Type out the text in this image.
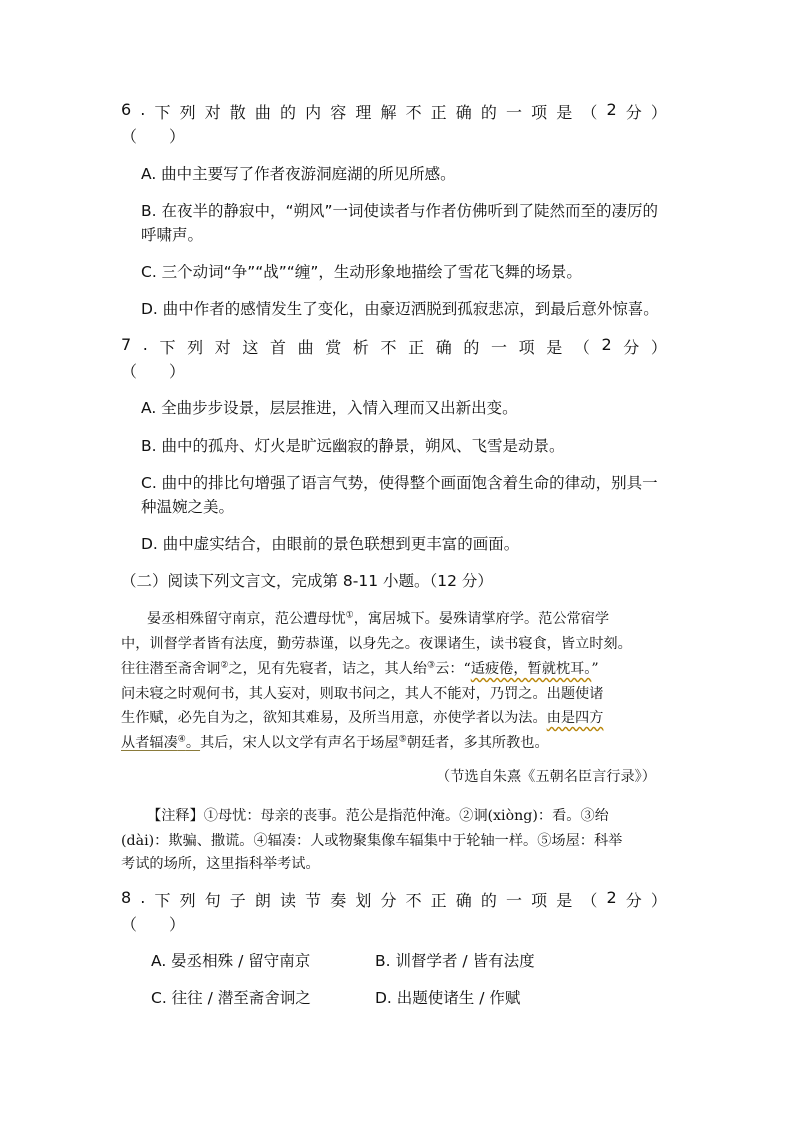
6 . 下 列 对 散 曲 的 内 容 理 解 不 正 确 的 一 项 是 （ 2 分 ）
（　　）
A. 曲中主要写了作者夜游洞庭湖的所见所感。
B. 在夜半的静寂中，“朔风”一词使读者与作者仿佛听到了陡然而至的凄厉的
呼啸声。
C. 三个动词“争”“战”“缠”，生动形象地描绘了雪花飞舞的场景。
D. 曲中作者的感情发生了变化，由豪迈洒脱到孤寂悲凉，到最后意外惊喜。
7 . 下 列 对 这 首 曲 赏 析 不 正 确 的 一 项 是 （ 2 分 ）
（　　）
A. 全曲步步设景，层层推进，入情入理而又出新出变。
B. 曲中的孤舟、灯火是旷远幽寂的静景，朔风、飞雪是动景。
C. 曲中的排比句增强了语言气势，使得整个画面饱含着生命的律动，别具一
种温婉之美。
D. 曲中虚实结合，由眼前的景色联想到更丰富的画面。
（二）阅读下列文言文，完成第 8-11 小题。（12 分）
晏丞相殊留守南京，范公遭母忧①，寓居城下。晏殊请掌府学。范公常宿学
中，训督学者皆有法度，勤劳恭谨，以身先之。夜课诸生，读书寝食，皆立时刻。
往往潜至斋舍诇②之，见有先寝者，诘之，其人绐③云：“适疲倦，暂就枕耳。”
问未寝之时观何书，其人妄对，则取书问之，其人不能对，乃罚之。出题使诸
生作赋，必先自为之，欲知其难易，及所当用意，亦使学者以为法。由是四方
从者辐凑④。其后，宋人以文学有声名于场屋⑤朝廷者，多其所教也。
（节选自朱熹《五朝名臣言行录》）
【注释】①母忧：母亲的丧事。范公是指范仲淹。②诇(xiòng)：看。③绐
(dài)：欺骗、撒谎。④辐凑：人或物聚集像车辐集中于轮轴一样。⑤场屋：科举
考试的场所，这里指科举考试。
8 . 下 列 句 子 朗 读 节 奏 划 分 不 正 确 的 一 项 是 （ 2 分 ）
（　　）
A. 晏丞相殊 / 留守南京	B. 训督学者 / 皆有法度
C. 往往 / 潜至斋舍诇之	D. 出题使诸生 / 作赋
